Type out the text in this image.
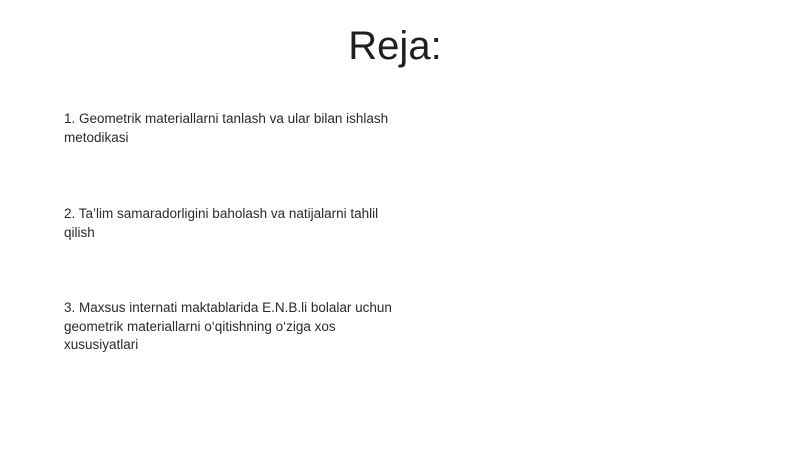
Reja:

1. Geometrik materiallarni tanlash va ular bilan ishlash metodikasi

2. Ta’lim samaradorligini baholash va natijalarni tahlil qilish

3. Maxsus internati maktablarida E.N.B.li bolalar uchun geometrik materiallarni o‘qitishning o‘ziga xos xususiyatlari
